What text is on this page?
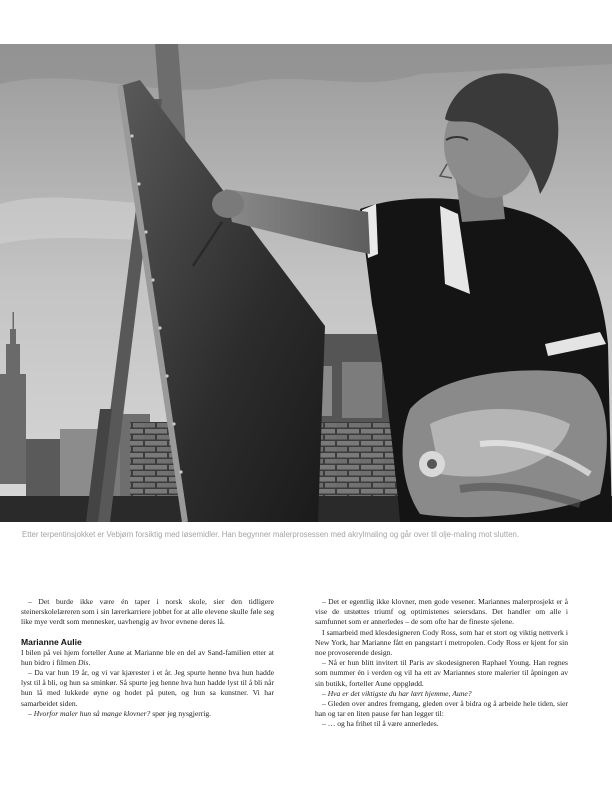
Etter terpentinsjokket er Vebjørn forsiktig med løsemidler. Han begynner malerprosessen med akrylmaling og går over til olje-maling mot slutten.

– Det burde ikke være én taper i norsk skole, sier den tidligere steinerskolelæreren som i sin lærerkarriere jobbet for at alle elevene skulle føle seg like mye verdt som mennesker, uavhengig av hvor evnene deres lå.

Marianne Aulie

I bilen på vei hjem forteller Aune at Marianne ble en del av Sand-familien etter at hun bidro i filmen Dis.

– Da var hun 19 år, og vi var kjærester i et år. Jeg spurte henne hva hun hadde lyst til å bli, og hun sa sminkør. Så spurte jeg henne hva hun hadde lyst til å bli når hun lå med lukkede øyne og hodet på puten, og hun sa kunstner. Vi har samarbeidet siden.

– Hvorfor maler hun så mange klovner? spør jeg nysgjerrig.

– Det er egentlig ikke klovner, men gode vesener. Mariannes malerprosjekt er å vise de utstøttes triumf og optimistenes seiersdans. Det handler om alle i samfunnet som er annerledes – de som ofte har de fineste sjelene.

I samarbeid med klesdesigneren Cody Ross, som har et stort og viktig nettverk i New York, har Marianne fått en pangstart i metropolen. Cody Ross er kjent for sin noe provoserende design.

– Nå er hun blitt invitert til Paris av skodesigneren Raphael Young. Han regnes som nummer én i verden og vil ha ett av Mariannes store malerier til åpningen av sin butikk, forteller Aune oppglødd.

– Hva er det viktigste du har lært hjemme, Aune?

– Gleden over andres fremgang, gleden over å bidra og å arbeide hele tiden, sier han og tar en liten pause før han legger til:

– … og ha frihet til å være annerledes.
